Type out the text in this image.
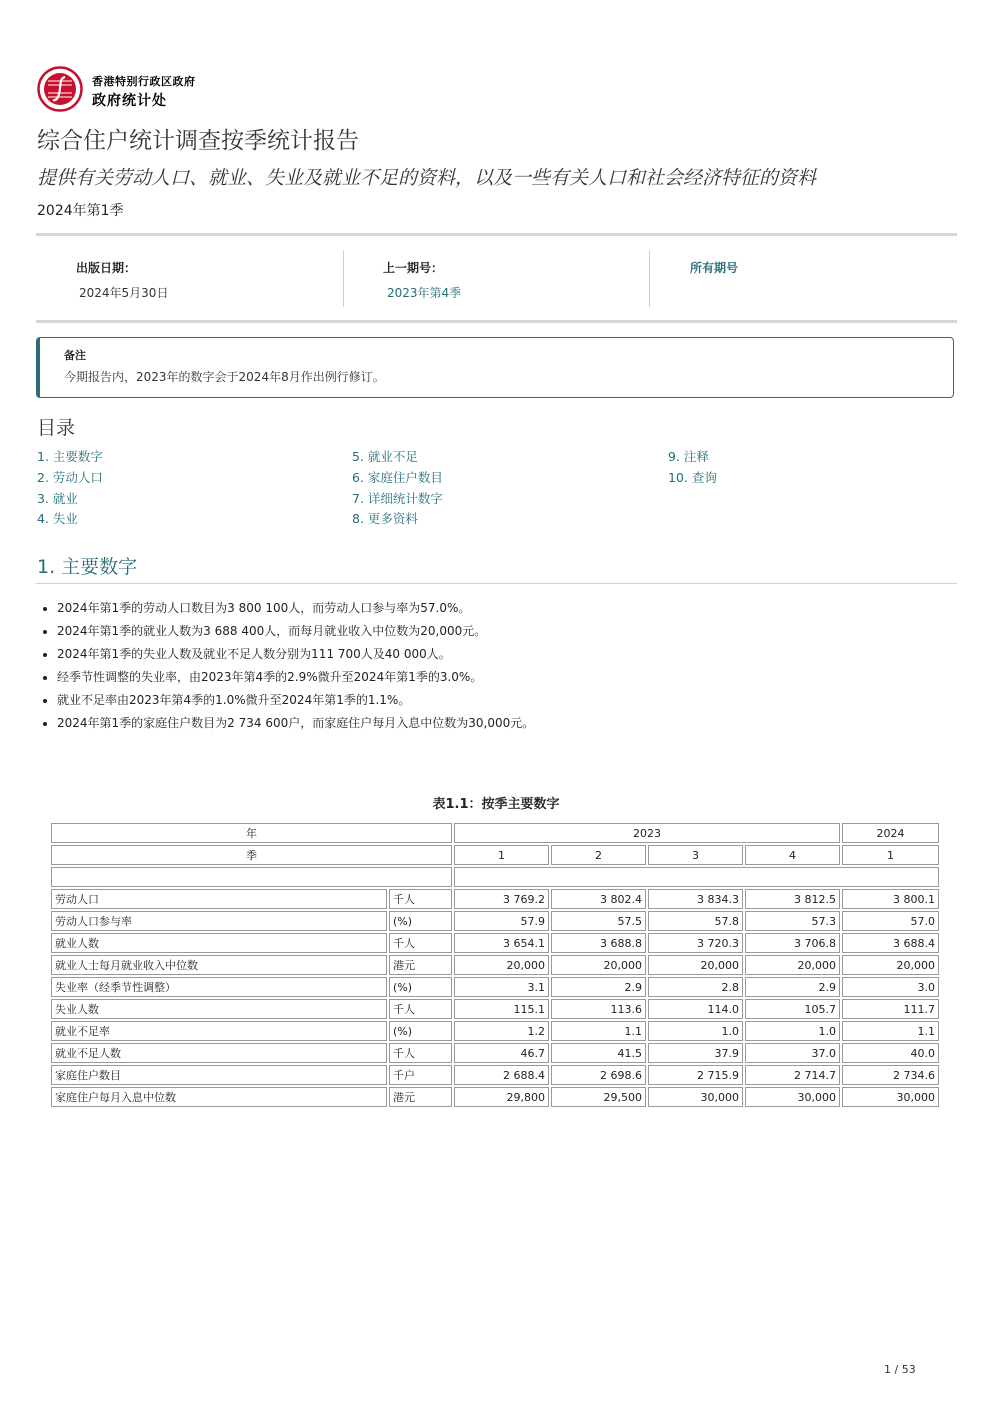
香港特别行政区政府
政府统计处
综合住户统计调查按季统计报告
提供有关劳动人口、就业、失业及就业不足的资料，以及一些有关人口和社会经济特征的资料
2024年第1季
出版日期：
2024年5月30日
上一期号：
2023年第4季
所有期号
备注
今期报告内，2023年的数字会于2024年8月作出例行修订。
目录
1. 主要数字
2. 劳动人口
3. 就业
4. 失业
5. 就业不足
6. 家庭住户数目
7. 详细统计数字
8. 更多资料
9. 注释
10. 查询
1. 主要数字
• 2024年第1季的劳动人口数目为3 800 100人，而劳动人口参与率为57.0%。
• 2024年第1季的就业人数为3 688 400人，而每月就业收入中位数为20,000元。
• 2024年第1季的失业人数及就业不足人数分别为111 700人及40 000人。
• 经季节性调整的失业率，由2023年第4季的2.9%微升至2024年第1季的3.0%。
• 就业不足率由2023年第4季的1.0%微升至2024年第1季的1.1%。
• 2024年第1季的家庭住户数目为2 734 600户，而家庭住户每月入息中位数为30,000元。
表1.1：按季主要数字
年		2023				2024
季		1	2	3	4	1

劳动人口	千人	3 769.2	3 802.4	3 834.3	3 812.5	3 800.1
劳动人口参与率	(%)	57.9	57.5	57.8	57.3	57.0
就业人数	千人	3 654.1	3 688.8	3 720.3	3 706.8	3 688.4
就业人士每月就业收入中位数	港元	20,000	20,000	20,000	20,000	20,000
失业率（经季节性调整）	(%)	3.1	2.9	2.8	2.9	3.0
失业人数	千人	115.1	113.6	114.0	105.7	111.7
就业不足率	(%)	1.2	1.1	1.0	1.0	1.1
就业不足人数	千人	46.7	41.5	37.9	37.0	40.0
家庭住户数目	千户	2 688.4	2 698.6	2 715.9	2 714.7	2 734.6
家庭住户每月入息中位数	港元	29,800	29,500	30,000	30,000	30,000
1 / 53
